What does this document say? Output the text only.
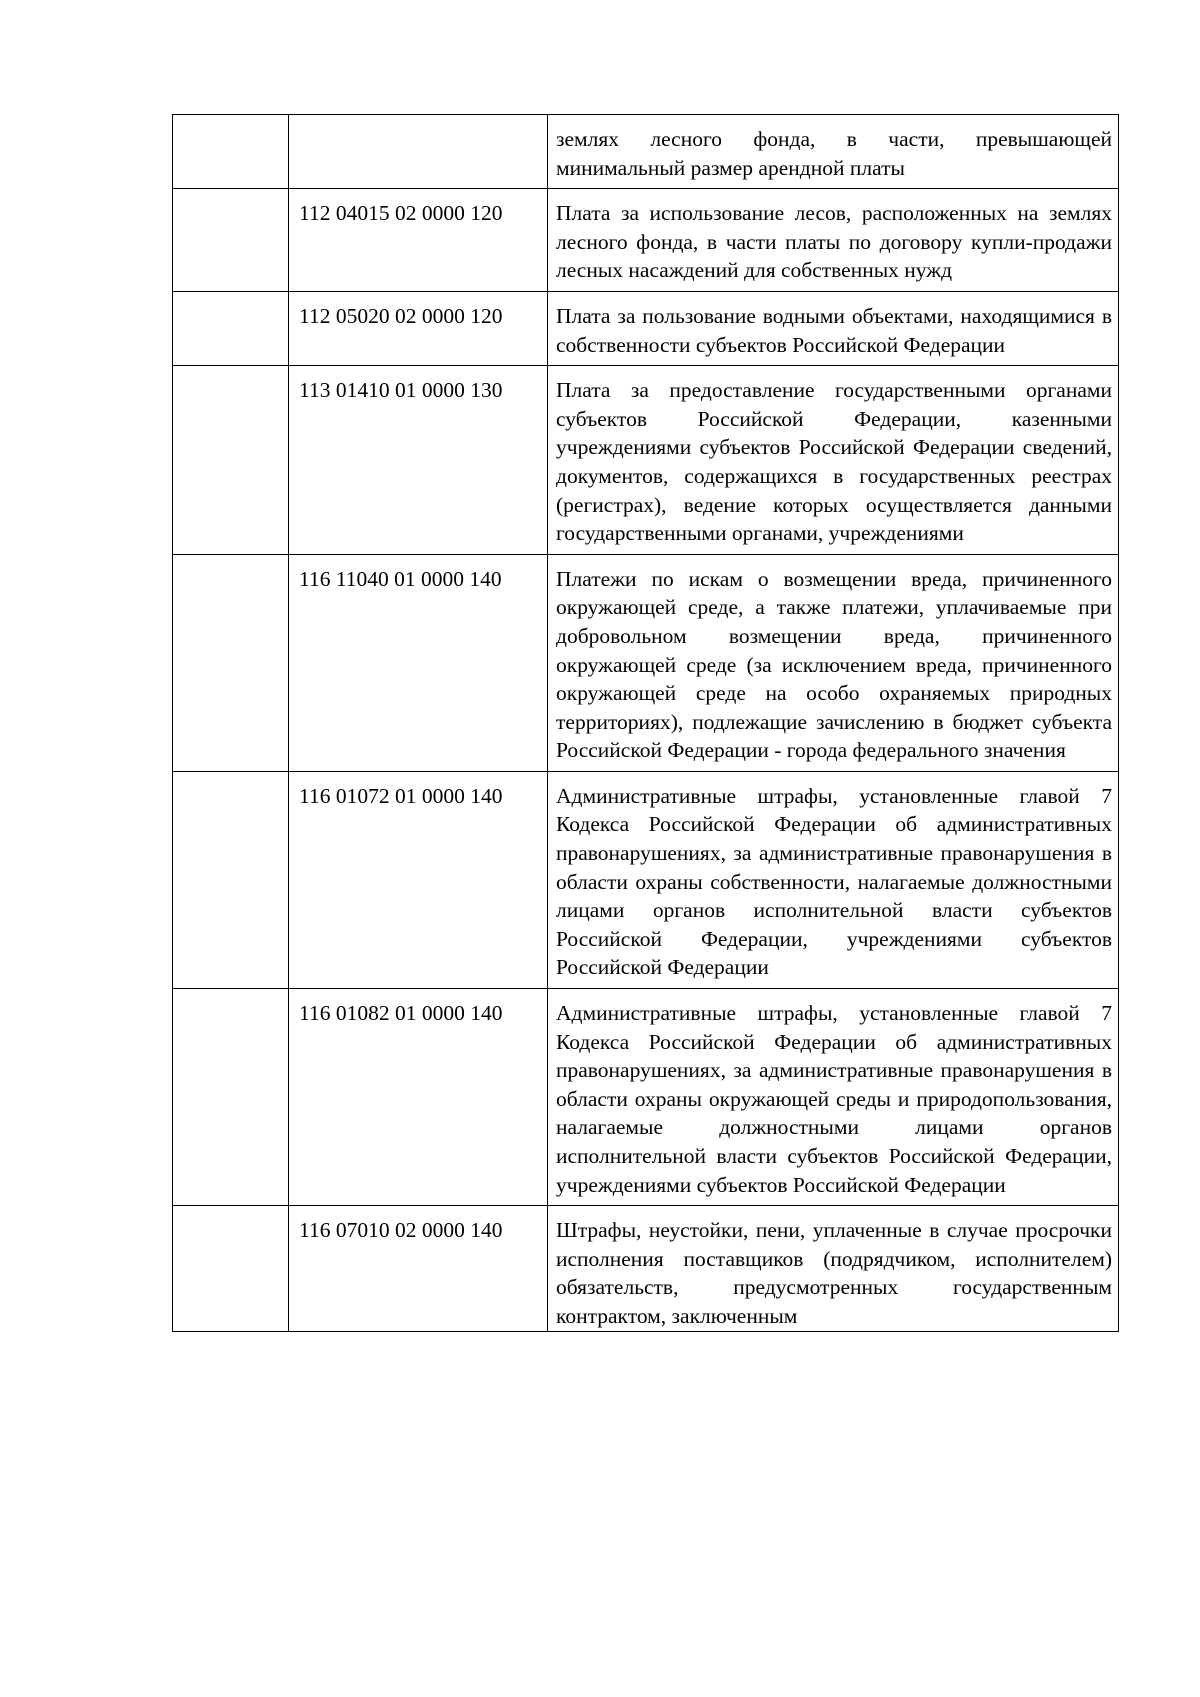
		землях лесного фонда, в части, превышающей минимальный размер арендной платы
	112 04015 02 0000 120	Плата за использование лесов, расположенных на землях лесного фонда, в части платы по договору купли-продажи лесных насаждений для собственных нужд
	112 05020 02 0000 120	Плата за пользование водными объектами, находящимися в собственности субъектов Российской Федерации
	113 01410 01 0000 130	Плата за предоставление государственными органами субъектов Российской Федерации, казенными учреждениями субъектов Российской Федерации сведений, документов, содержащихся в государственных реестрах (регистрах), ведение которых осуществляется данными государственными органами, учреждениями
	116 11040 01 0000 140	Платежи по искам о возмещении вреда, причиненного окружающей среде, а также платежи, уплачиваемые при добровольном возмещении вреда, причиненного окружающей среде (за исключением вреда, причиненного окружающей среде на особо охраняемых природных территориях), подлежащие зачислению в бюджет субъекта Российской Федерации - города федерального значения
	116 01072 01 0000 140	Административные штрафы, установленные главой 7 Кодекса Российской Федерации об административных правонарушениях, за административные правонарушения в области охраны собственности, налагаемые должностными лицами органов исполнительной власти субъектов Российской Федерации, учреждениями субъектов Российской Федерации
	116 01082 01 0000 140	Административные штрафы, установленные главой 7 Кодекса Российской Федерации об административных правонарушениях, за административные правонарушения в области охраны окружающей среды и природопользования, налагаемые должностными лицами органов исполнительной власти субъектов Российской Федерации, учреждениями субъектов Российской Федерации
	116 07010 02 0000 140	Штрафы, неустойки, пени, уплаченные в случае просрочки исполнения поставщиков (подрядчиком, исполнителем) обязательств, предусмотренных государственным контрактом, заключенным
